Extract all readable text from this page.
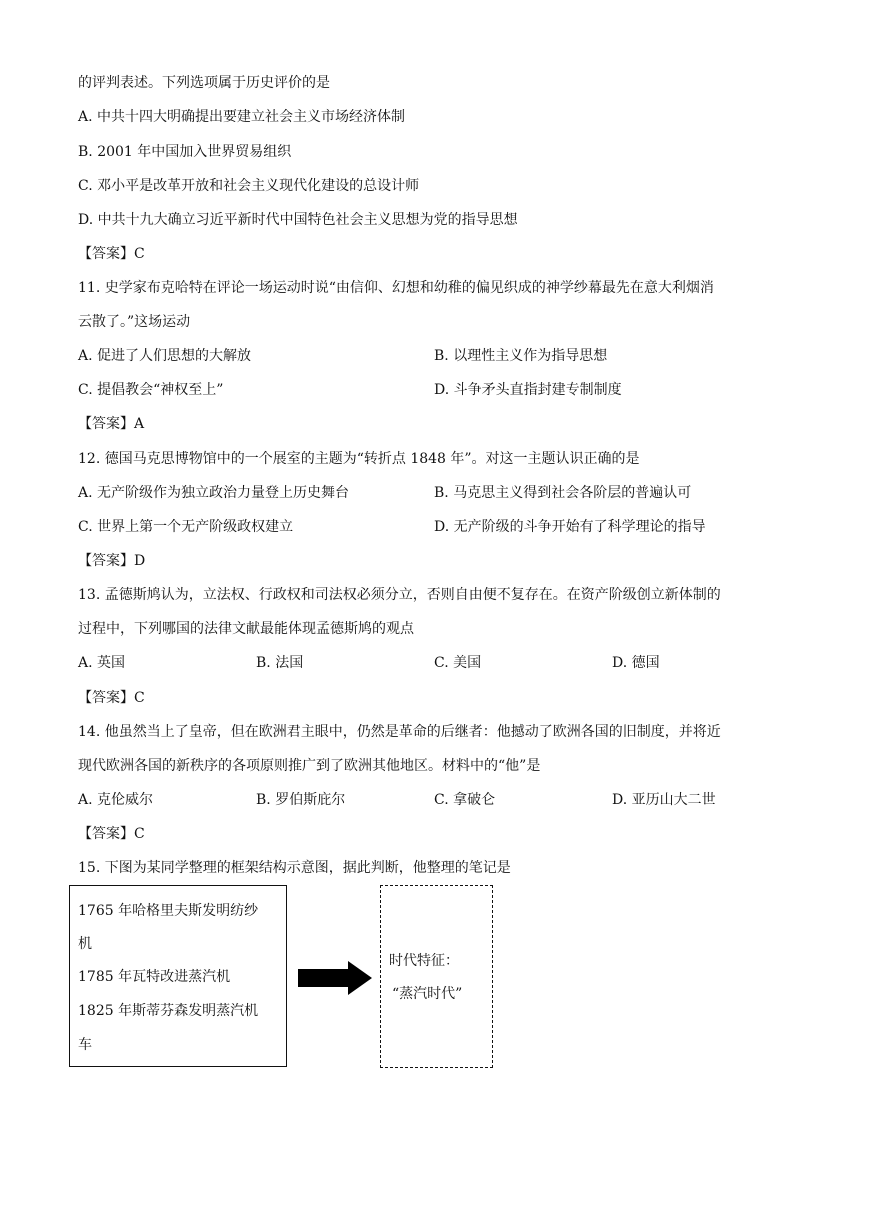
的评判表述。下列选项属于历史评价的是
A. 中共十四大明确提出要建立社会主义市场经济体制
B. 2001 年中国加入世界贸易组织
C. 邓小平是改革开放和社会主义现代化建设的总设计师
D. 中共十九大确立习近平新时代中国特色社会主义思想为党的指导思想
【答案】C
11. 史学家布克哈特在评论一场运动时说“由信仰、幻想和幼稚的偏见织成的神学纱幕最先在意大利烟消
云散了。”这场运动
A. 促进了人们思想的大解放	B. 以理性主义作为指导思想
C. 提倡教会“神权至上”	D. 斗争矛头直指封建专制制度
【答案】A
12. 德国马克思博物馆中的一个展室的主题为“转折点 1848 年”。对这一主题认识正确的是
A. 无产阶级作为独立政治力量登上历史舞台	B. 马克思主义得到社会各阶层的普遍认可
C. 世界上第一个无产阶级政权建立	D. 无产阶级的斗争开始有了科学理论的指导
【答案】D
13. 孟德斯鸠认为，立法权、行政权和司法权必须分立，否则自由便不复存在。在资产阶级创立新体制的
过程中，下列哪国的法律文献最能体现孟德斯鸠的观点
A. 英国	B. 法国	C. 美国	D. 德国
【答案】C
14. 他虽然当上了皇帝，但在欧洲君主眼中，仍然是革命的后继者：他撼动了欧洲各国的旧制度，并将近
现代欧洲各国的新秩序的各项原则推广到了欧洲其他地区。材料中的“他”是
A. 克伦威尔	B. 罗伯斯庇尔	C. 拿破仑	D. 亚历山大二世
【答案】C
15. 下图为某同学整理的框架结构示意图，据此判断，他整理的笔记是
1765 年哈格里夫斯发明纺纱
机
1785 年瓦特改进蒸汽机
1825 年斯蒂芬森发明蒸汽机
车
时代特征：
“蒸汽时代”
